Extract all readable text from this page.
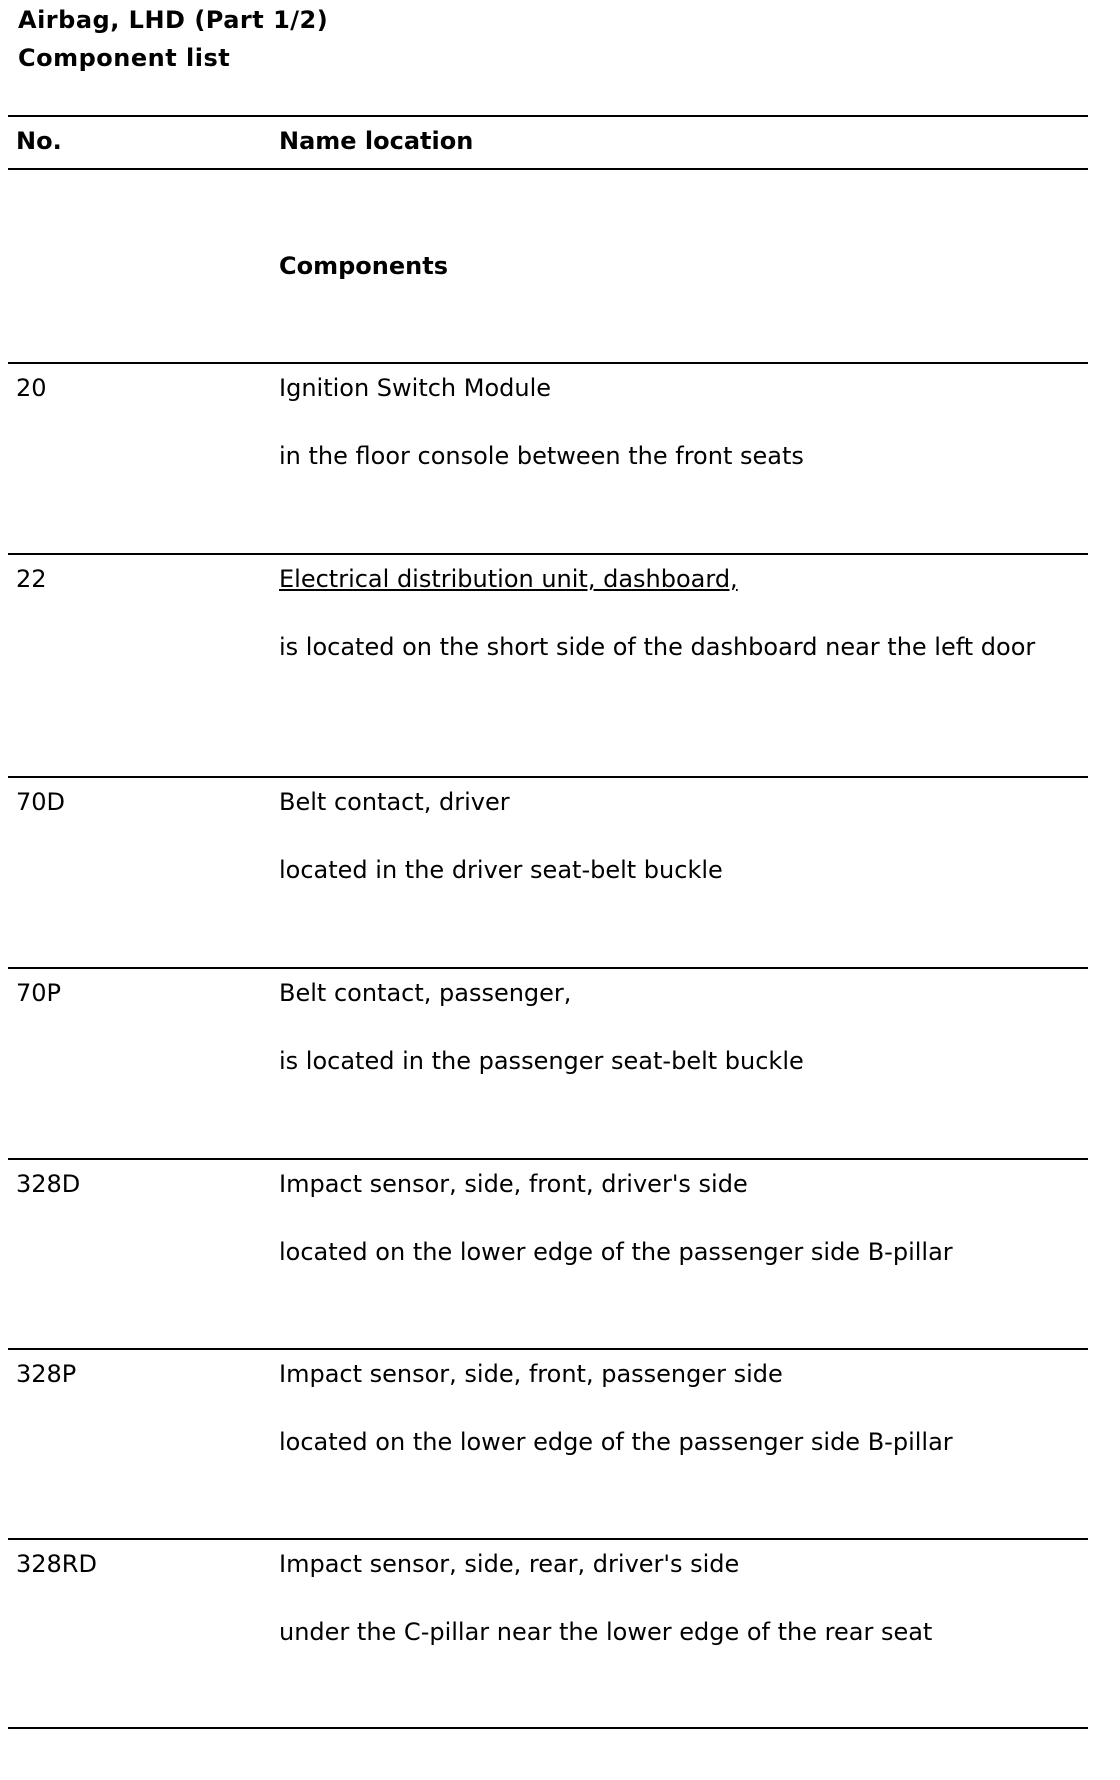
Airbag, LHD (Part 1/2)
Component list
No.	Name location
Components
20	Ignition Switch Module
in the floor console between the front seats
22	Electrical distribution unit, dashboard,
is located on the short side of the dashboard near the left door
70D	Belt contact, driver
located in the driver seat-belt buckle
70P	Belt contact, passenger,
is located in the passenger seat-belt buckle
328D	Impact sensor, side, front, driver's side
located on the lower edge of the passenger side B-pillar
328P	Impact sensor, side, front, passenger side
located on the lower edge of the passenger side B-pillar
328RD	Impact sensor, side, rear, driver's side
under the C-pillar near the lower edge of the rear seat
